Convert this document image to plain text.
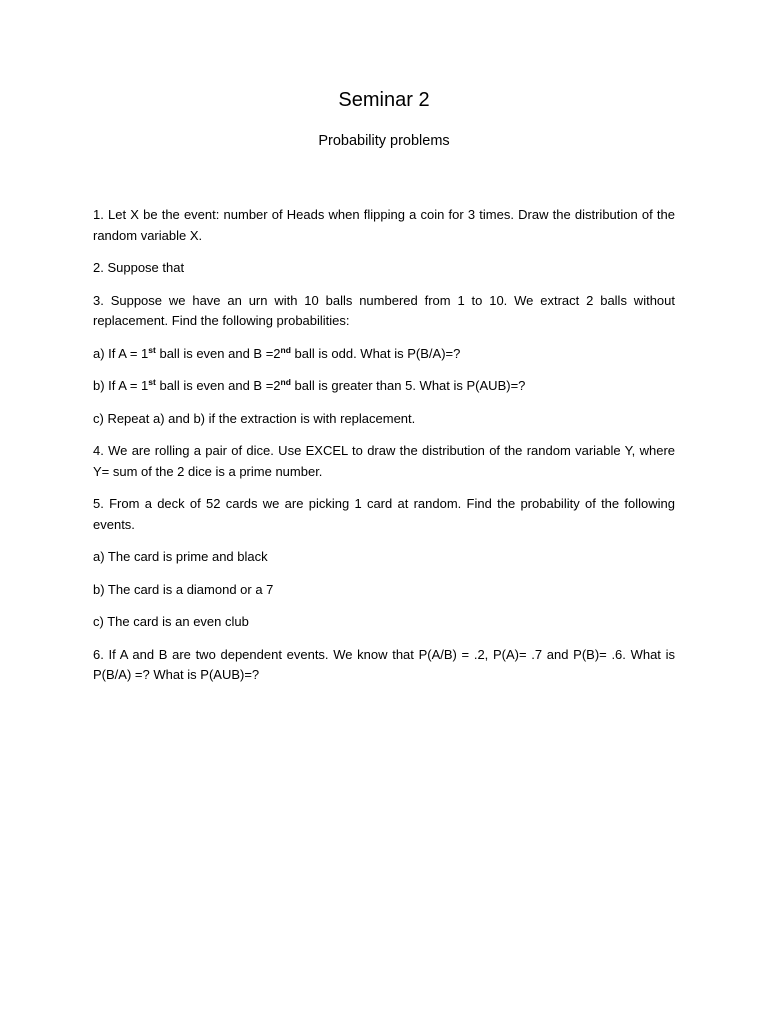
Seminar 2
Probability problems

1. Let X be the event: number of Heads when flipping a coin for 3 times. Draw the distribution of the random variable X.

2. Suppose that

3. Suppose we have an urn with 10 balls numbered from 1 to 10. We extract 2 balls without replacement. Find the following probabilities:

a) If A = 1st ball is even and B =2nd ball is odd. What is P(B/A)=?

b) If A = 1st ball is even and B =2nd ball is greater than 5. What is P(AUB)=?

c) Repeat a) and b) if the extraction is with replacement.

4. We are rolling a pair of dice. Use EXCEL to draw the distribution of the random variable Y, where Y= sum of the 2 dice is a prime number.

5. From a deck of 52 cards we are picking 1 card at random. Find the probability of the following events.

a) The card is prime and black

b) The card is a diamond or a 7

c) The card is an even club

6. If A and B are two dependent events. We know that P(A/B) = .2, P(A)= .7 and P(B)= .6. What is P(B/A) =? What is P(AUB)=?
